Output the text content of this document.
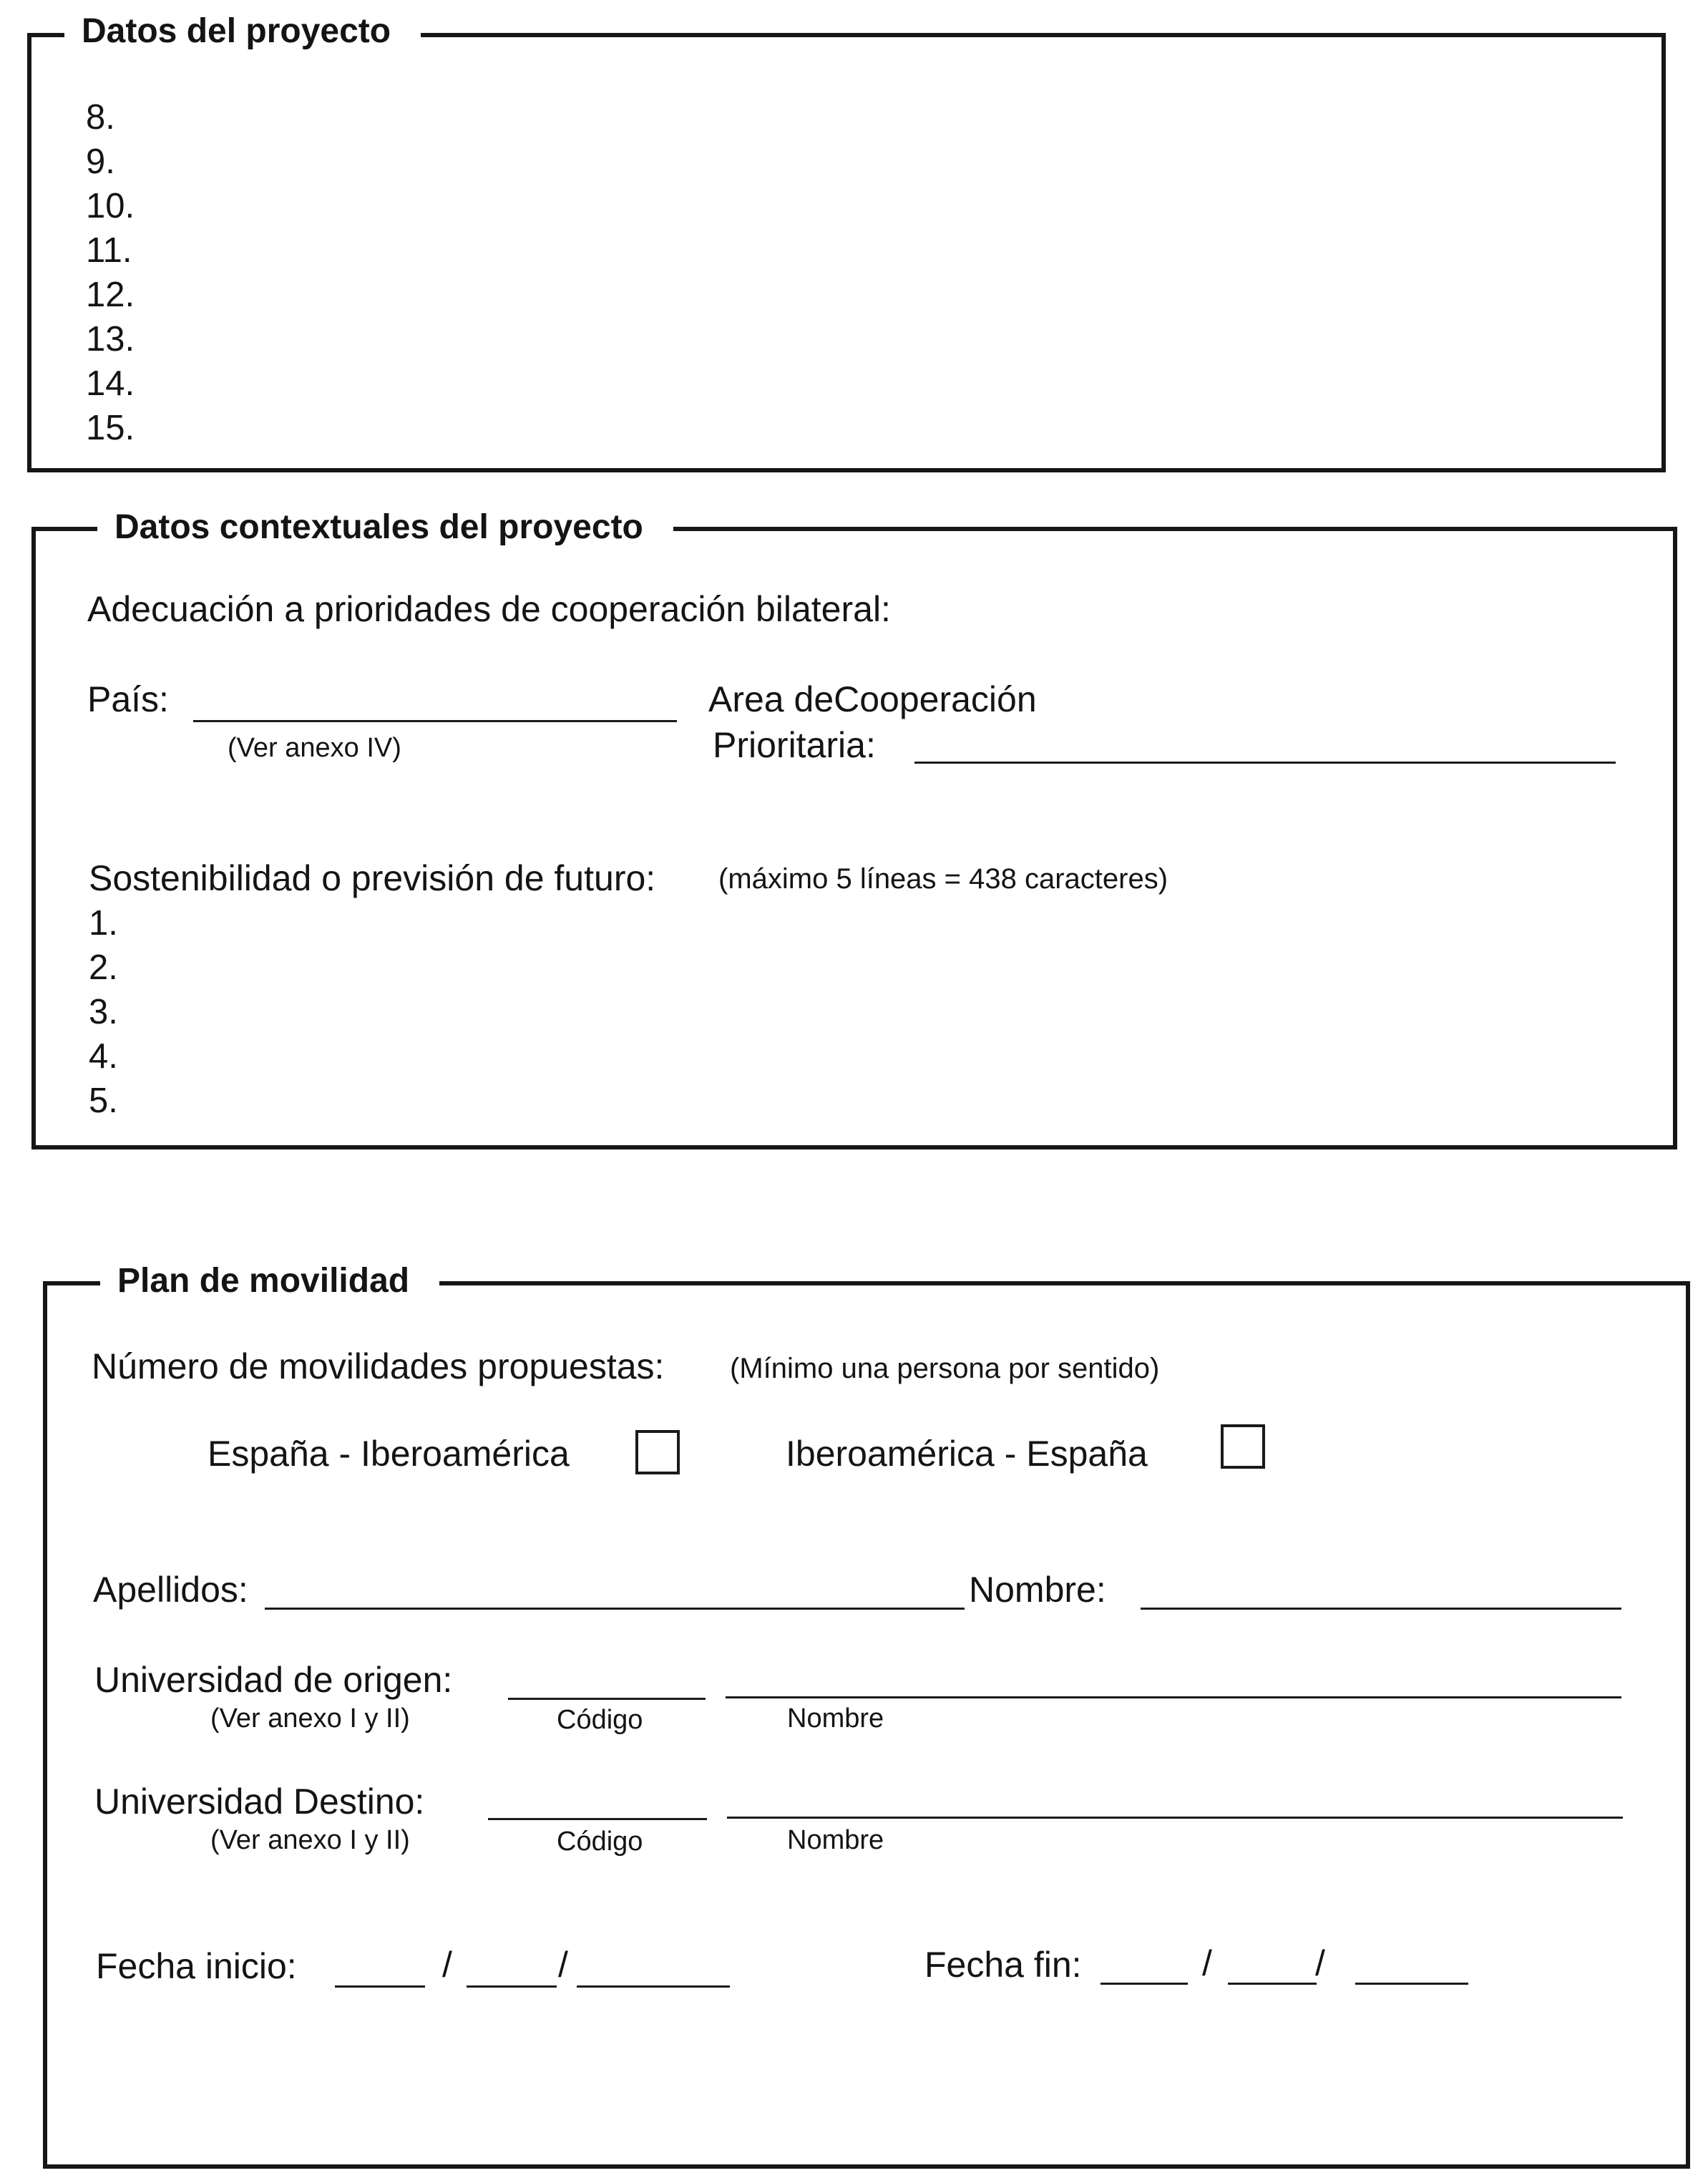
Datos del proyecto
8.
9.
10.
11.
12.
13.
14.
15.
Datos contextuales del proyecto
Adecuación a prioridades de cooperación bilateral:
País:
(Ver anexo IV)
Area deCooperación
Prioritaria:
Sostenibilidad o previsión de futuro: (máximo 5 líneas = 438 caracteres)
1.
2.
3.
4.
5.
Plan de movilidad
Número de movilidades propuestas: (Mínimo una persona por sentido)
España - Iberoamérica	Iberoamérica - España
Apellidos:	Nombre:
Universidad de origen:
(Ver anexo I y II)	Código	Nombre
Universidad Destino:
(Ver anexo I y II)	Código	Nombre
Fecha inicio:	/	/	Fecha fin:	/	/
